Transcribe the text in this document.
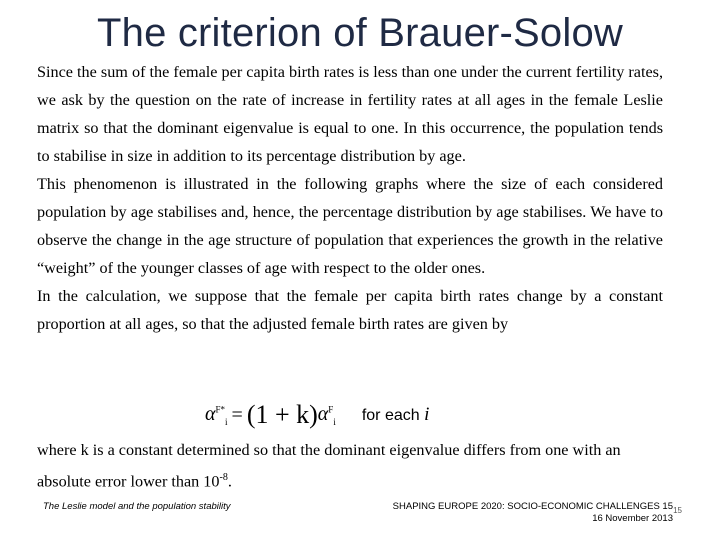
The criterion of Brauer-Solow

Since the sum of the female per capita birth rates is less than one under the current fertility rates, we ask by the question on the rate of increase in fertility rates at all ages in the female Leslie matrix so that the dominant eigenvalue is equal to one. In this occurrence, the population tends to stabilise in size in addition to its percentage distribution by age.

This phenomenon is illustrated in the following graphs where the size of each considered population by age stabilises and, hence, the percentage distribution by age stabilises. We have to observe the change in the age structure of population that experiences the growth in the relative “weight” of the younger classes of age with respect to the older ones.

In the calculation, we suppose that the female per capita birth rates change by a constant proportion at all ages, so that the adjusted female birth rates are given by

$\alpha^{F*}_i = (1 + k)$ $\alpha^F_i$ for each i

where k is a constant determined so that the dominant eigenvalue differs from one with an absolute error lower than $10^{-8}$.

The Leslie model and the population stability	SHAPING EUROPE 2020: SOCIO-ECONOMIC CHALLENGES 15
16 November 2013
15
